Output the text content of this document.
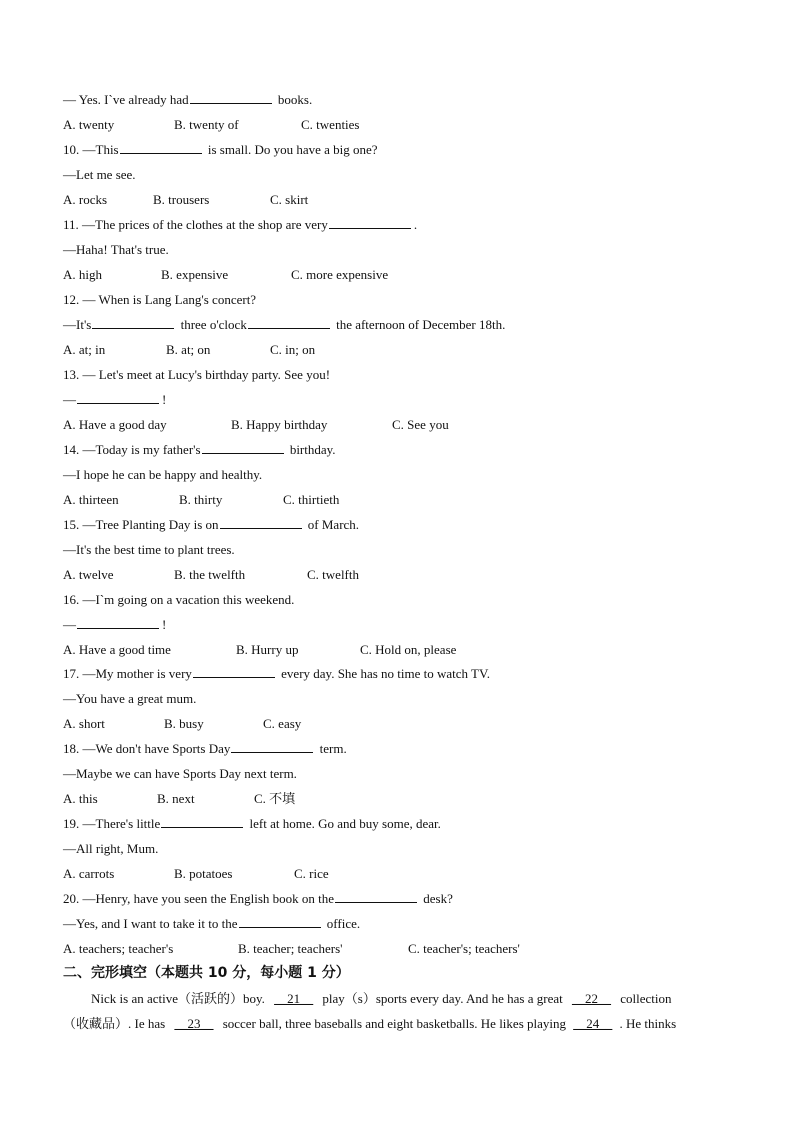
— Yes. I`ve already had	books.
A. twenty	B. twenty of	C. twenties
10. —This	is small. Do you have a big one?
—Let me see.
A. rocks	B. trousers	C. skirt
11. —The prices of the clothes at the shop are very	.
—Haha! That's true.
A. high	B. expensive	C. more expensive
12. — When is Lang Lang's concert?
—It's	three o'clock	the afternoon of December 18th.
A. at; in	B. at; on	C. in; on
13. — Let's meet at Lucy's birthday party. See you!
—	!
A. Have a good day	B. Happy birthday	C. See you
14. —Today is my father's	birthday.
—I hope he can be happy and healthy.
A. thirteen	B. thirty	C. thirtieth
15. —Tree Planting Day is on	of March.
—It's the best time to plant trees.
A. twelve	B. the twelfth	C. twelfth
16. —I`m going on a vacation this weekend.
—	!
A. Have a good time	B. Hurry up	C. Hold on, please
17. —My mother is very	every day. She has no time to watch TV.
—You have a great mum.
A. short	B. busy	C. easy
18. —We don't have Sports Day	term.
—Maybe we can have Sports Day next term.
A. this	B. next	C. 不填
19. —There's little	left at home. Go and buy some, dear.
—All right, Mum.
A. carrots	B. potatoes	C. rice
20. —Henry, have you seen the English book on the	desk?
—Yes, and I want to take it to the	office.
A. teachers; teacher's	B. teacher; teachers'	C. teacher's; teachers'
二、完形填空（本题共 10 分，每小题 1 分）
Nick is an active（活跃的）boy. __21__ play（s）sports every day. And he has a great __22__ collection
（收藏品）. Ie has __23__ soccer ball, three baseballs and eight basketballs. He likes playing __24__ . He thinks
